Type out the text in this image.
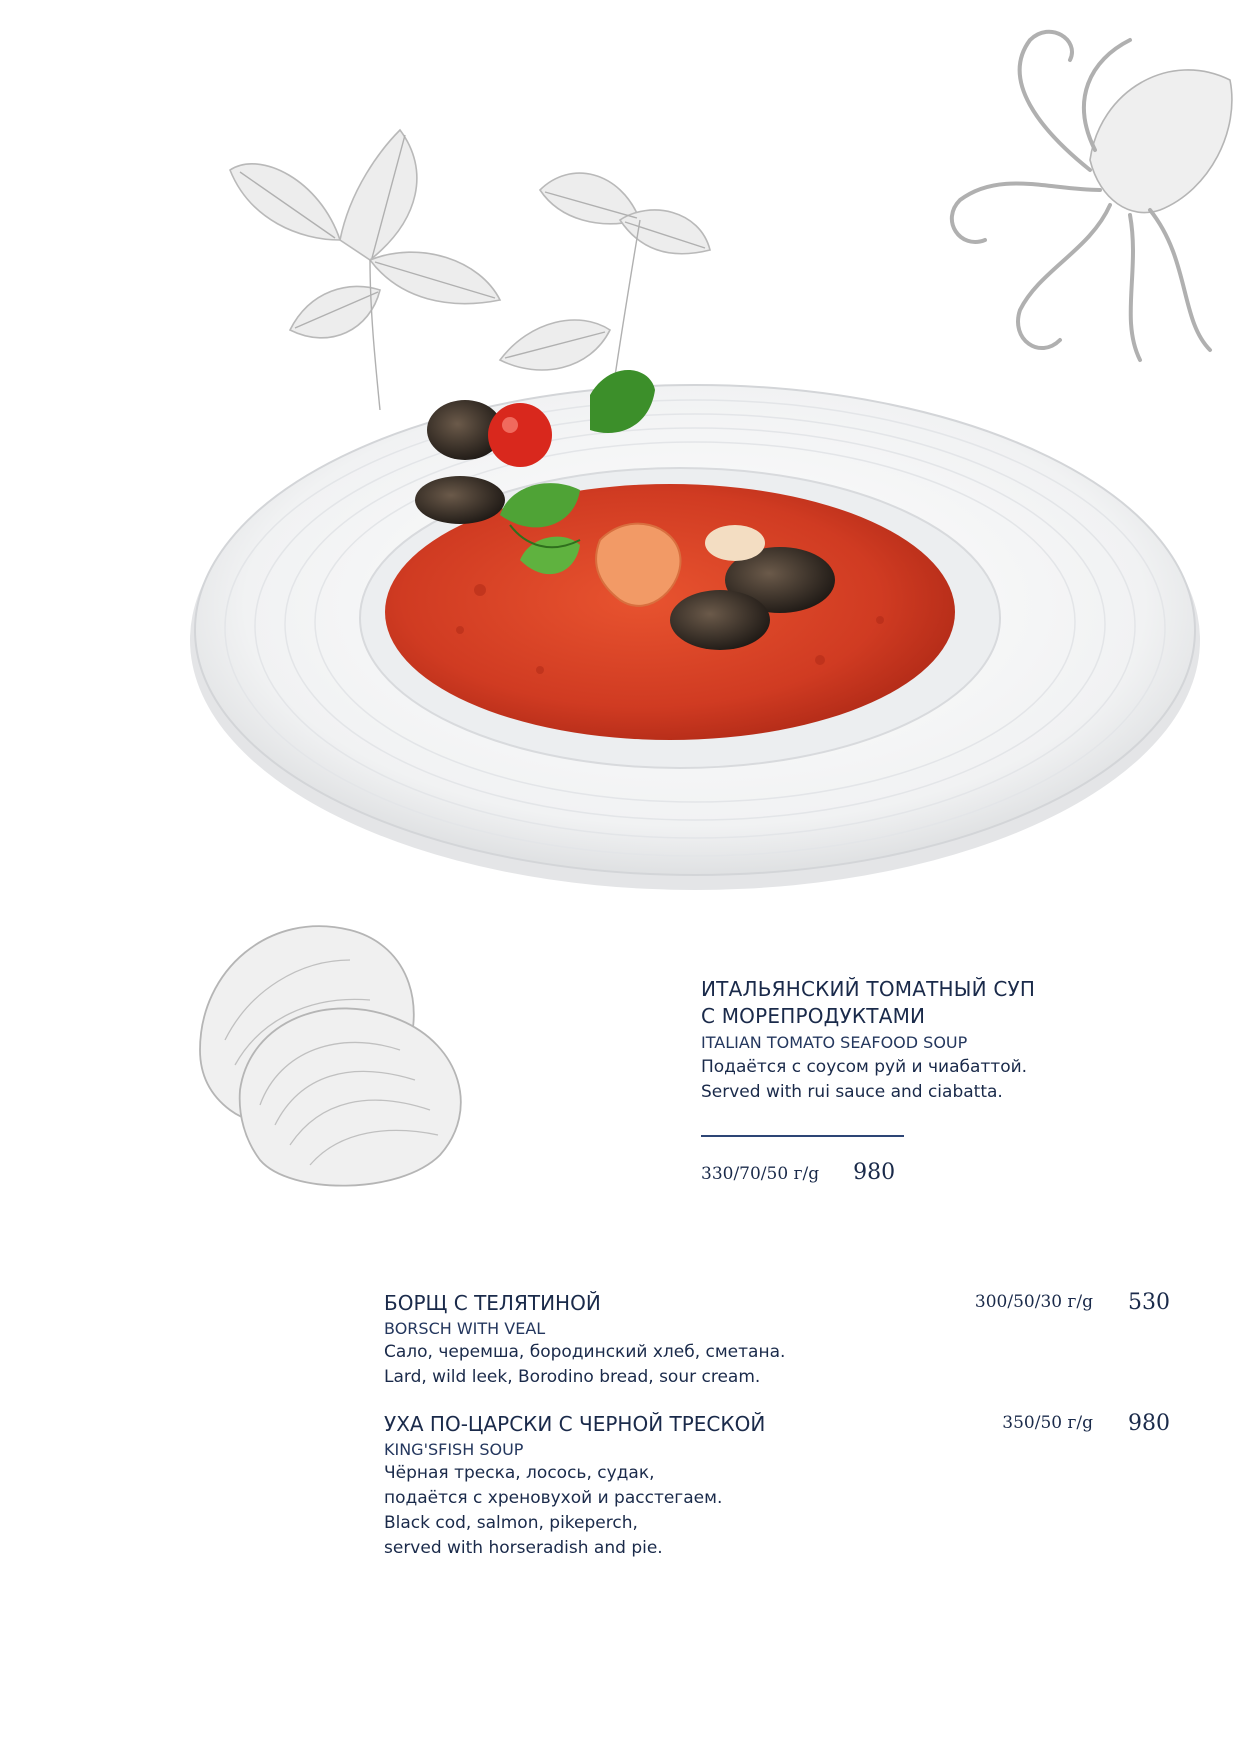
ИТАЛЬЯНСКИЙ ТОМАТНЫЙ СУП
С МОРЕПРОДУКТАМИ
ITALIAN TOMATO SEAFOOD SOUP
Подаётся с соусом руй и чиабаттой.
Served with rui sauce and ciabatta.
330/70/50 г/g 980
БОРЩ С ТЕЛЯТИНОЙ
BORSCH WITH VEAL
Сало, черемша, бородинский хлеб, сметана.
Lard, wild leek, Borodino bread, sour cream.
300/50/30 г/g 530
УХА ПО-ЦАРСКИ С ЧЕРНОЙ ТРЕСКОЙ
KING'SFISH SOUP
Чёрная треска, лосось, судак,
подаётся с хреновухой и расстегаем.
Black cod, salmon, pikeperch,
served with horseradish and pie.
350/50 г/g 980
